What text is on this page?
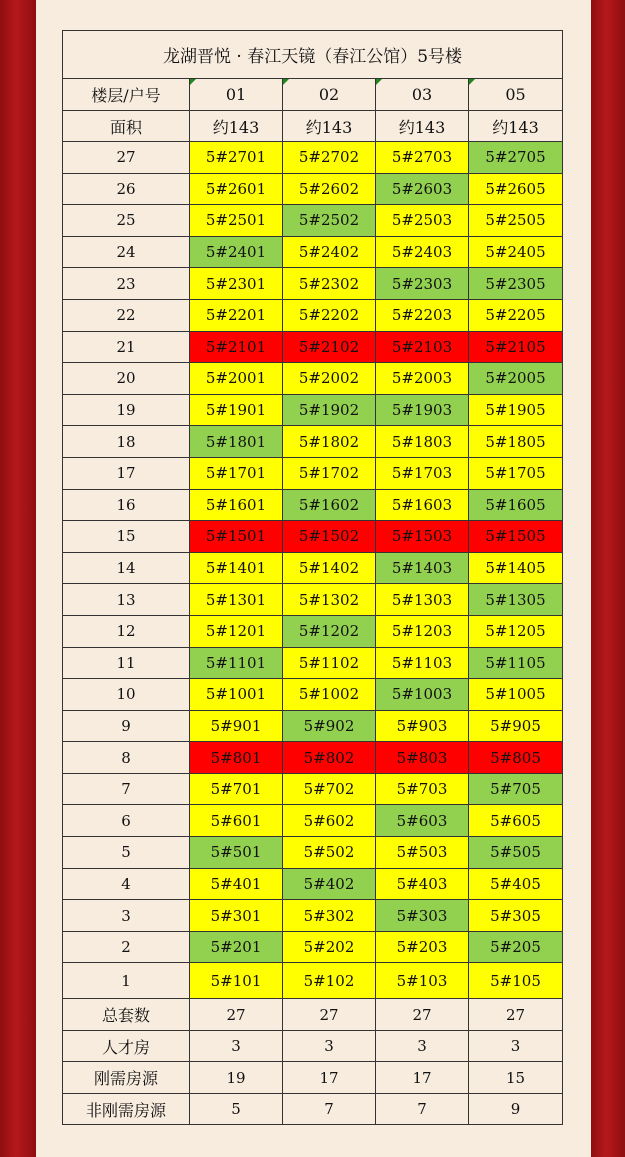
龙湖晋悦 · 春江天镜（春江公馆）5号楼				
楼层/户号	01	02	03	05
面积	约143	约143	约143	约143
27	5#2701	5#2702	5#2703	5#2705
26	5#2601	5#2602	5#2603	5#2605
25	5#2501	5#2502	5#2503	5#2505
24	5#2401	5#2402	5#2403	5#2405
23	5#2301	5#2302	5#2303	5#2305
22	5#2201	5#2202	5#2203	5#2205
21	5#2101	5#2102	5#2103	5#2105
20	5#2001	5#2002	5#2003	5#2005
19	5#1901	5#1902	5#1903	5#1905
18	5#1801	5#1802	5#1803	5#1805
17	5#1701	5#1702	5#1703	5#1705
16	5#1601	5#1602	5#1603	5#1605
15	5#1501	5#1502	5#1503	5#1505
14	5#1401	5#1402	5#1403	5#1405
13	5#1301	5#1302	5#1303	5#1305
12	5#1201	5#1202	5#1203	5#1205
11	5#1101	5#1102	5#1103	5#1105
10	5#1001	5#1002	5#1003	5#1005
9	5#901	5#902	5#903	5#905
8	5#801	5#802	5#803	5#805
7	5#701	5#702	5#703	5#705
6	5#601	5#602	5#603	5#605
5	5#501	5#502	5#503	5#505
4	5#401	5#402	5#403	5#405
3	5#301	5#302	5#303	5#305
2	5#201	5#202	5#203	5#205
1	5#101	5#102	5#103	5#105
总套数	27	27	27	27
人才房	3	3	3	3
刚需房源	19	17	17	15
非刚需房源	5	7	7	9
